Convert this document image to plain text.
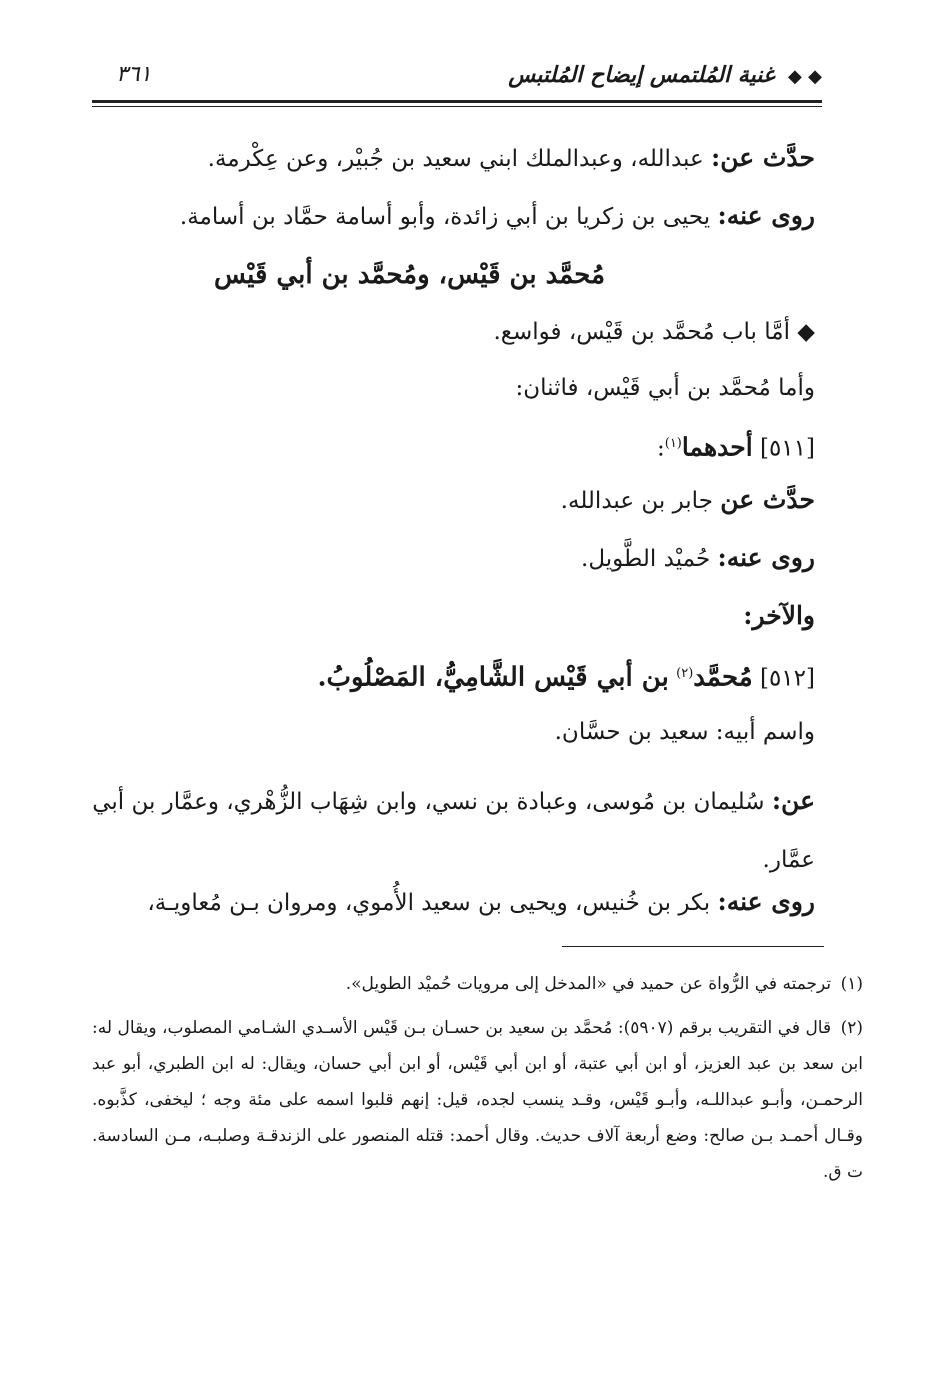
◆ ◆ غنية المُلتمس إيضاح المُلتبس
٣٦١
حدَّث عن: عبدالله، وعبدالملك ابني سعيد بن جُبيْر، وعن عِكْرمة.
روى عنه: يحيى بن زكريا بن أبي زائدة، وأبو أسامة حمَّاد بن أسامة.
مُحمَّد بن قَيْس، ومُحمَّد بن أبي قَيْس
◆ أمَّا باب مُحمَّد بن قَيْس، فواسع.
وأما مُحمَّد بن أبي قَيْس، فاثنان:
[٥١١] أحدهما$^{(١)}$:
حدَّث عن جابر بن عبدالله.
روى عنه: حُميْد الطَّويل.
والآخر:
[٥١٢] مُحمَّد$^{(٢)}$ بن أبي قَيْس الشَّامِيُّ، المَصْلُوبُ.
واسم أبيه: سعيد بن حسَّان.
عن: سُليمان بن مُوسى، وعبادة بن نسي، وابن شِهَاب الزُّهْري، وعمَّار بن أبي عمَّار.
روى عنه: بكر بن خُنيس، ويحيى بن سعيد الأُموي، ومروان بـن مُعاويـة،
(١) ترجمته في الرُّواة عن حميد في «المدخل إلى مرويات حُميْد الطويل».
(٢) قال في التقريب برقم (٥٩٠٧): مُحمَّد بن سعيد بن حسـان بـن قَيْس الأسـدي الشـامي المصلوب، ويقال له: ابن سعد بن عبد العزيز، أو ابن أبي عتبة، أو ابن أبي قَيْس، أو ابن أبي حسان، ويقال: له ابن الطبري، أبو عبد الرحمـن، وأبـو عبداللـه، وأبـو قَيْس، وقـد ينسب لجده، قيل: إنهم قلبوا اسمه على مئة وجه ؛ ليخفى، كذَّبوه. وقـال أحمـد بـن صالح: وضع أربعة آلاف حديث. وقال أحمد: قتله المنصور على الزندقـة وصلبـه، مـن السادسة. ت ق.
